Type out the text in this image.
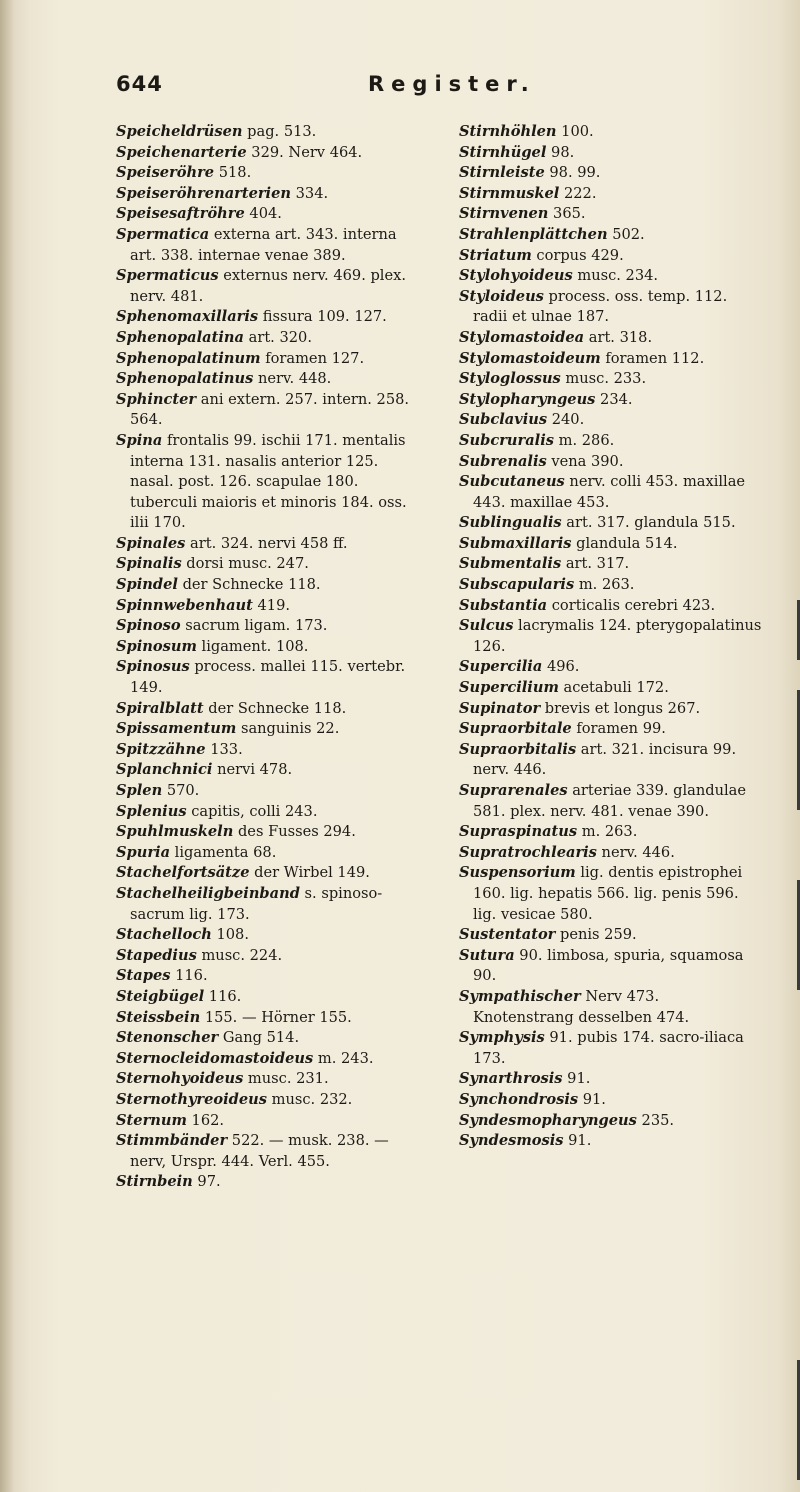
644	Register.
Speicheldrüsen pag. 513.
Speichenarterie 329. Nerv 464.
Speiseröhre 518.
Speiseröhrenarterien 334.
Speisesaftröhre 404.
Spermatica externa art. 343. interna art. 338. internae venae 389.
Spermaticus externus nerv. 469. plex. nerv. 481.
Sphenomaxillaris fissura 109. 127.
Sphenopalatina art. 320.
Sphenopalatinum foramen 127.
Sphenopalatinus nerv. 448.
Sphincter ani extern. 257. intern. 258. 564.
Spina frontalis 99. ischii 171. mentalis interna 131. nasalis anterior 125. nasal. post. 126. scapulae 180. tuberculi maioris et minoris 184. oss. ilii 170.
Spinales art. 324. nervi 458 ff.
Spinalis dorsi musc. 247.
Spindel der Schnecke 118.
Spinnwebenhaut 419.
Spinoso sacrum ligam. 173.
Spinosum ligament. 108.
Spinosus process. mallei 115. vertebr. 149.
Spiralblatt der Schnecke 118.
Spissamentum sanguinis 22.
Spitzzähne 133.
Splanchnici nervi 478.
Splen 570.
Splenius capitis, colli 243.
Spuhlmuskeln des Fusses 294.
Spuria ligamenta 68.
Stachelfortsätze der Wirbel 149.
Stachelheiligbeinband s. spinoso-sacrum lig. 173.
Stachelloch 108.
Stapedius musc. 224.
Stapes 116.
Steigbügel 116.
Steissbein 155. — Hörner 155.
Stenonscher Gang 514.
Sternocleidomastoideus m. 243.
Sternohyoideus musc. 231.
Sternothyreoideus musc. 232.
Sternum 162.
Stimmbänder 522. — musk. 238. — nerv, Urspr. 444. Verl. 455.
Stirnbein 97.
Stirnhöhlen 100.
Stirnhügel 98.
Stirnleiste 98. 99.
Stirnmuskel 222.
Stirnvenen 365.
Strahlenplättchen 502.
Striatum corpus 429.
Stylohyoideus musc. 234.
Styloideus process. oss. temp. 112. radii et ulnae 187.
Stylomastoidea art. 318.
Stylomastoideum foramen 112.
Styloglossus musc. 233.
Stylopharyngeus 234.
Subclavius 240.
Subcruralis m. 286.
Subrenalis vena 390.
Subcutaneus nerv. colli 453. maxillae 443. maxillae 453.
Sublingualis art. 317. glandula 515.
Submaxillaris glandula 514.
Submentalis art. 317.
Subscapularis m. 263.
Substantia corticalis cerebri 423.
Sulcus lacrymalis 124. pterygopalatinus 126.
Supercilia 496.
Supercilium acetabuli 172.
Supinator brevis et longus 267.
Supraorbitale foramen 99.
Supraorbitalis art. 321. incisura 99. nerv. 446.
Suprarenales arteriae 339. glandulae 581. plex. nerv. 481. venae 390.
Supraspinatus m. 263.
Supratrochlearis nerv. 446.
Suspensorium lig. dentis epistrophei 160. lig. hepatis 566. lig. penis 596. lig. vesicae 580.
Sustentator penis 259.
Sutura 90. limbosa, spuria, squamosa 90.
Sympathischer Nerv 473. Knotenstrang desselben 474.
Symphysis 91. pubis 174. sacro-iliaca 173.
Synarthrosis 91.
Synchondrosis 91.
Syndesmopharyngeus 235.
Syndesmosis 91.
